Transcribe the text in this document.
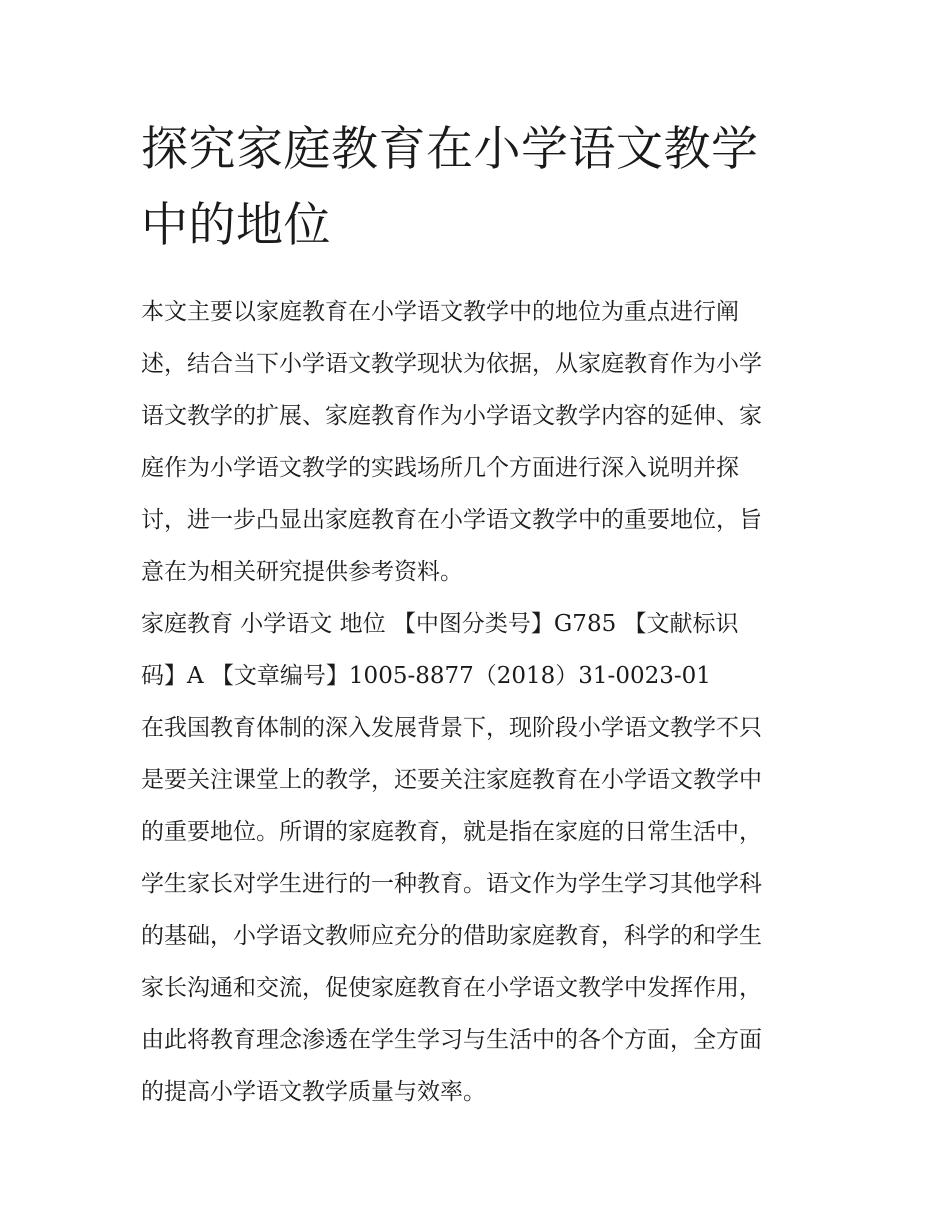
探究家庭教育在小学语文教学
中的地位

本文主要以家庭教育在小学语文教学中的地位为重点进行阐
述，结合当下小学语文教学现状为依据，从家庭教育作为小学
语文教学的扩展、家庭教育作为小学语文教学内容的延伸、家
庭作为小学语文教学的实践场所几个方面进行深入说明并探
讨，进一步凸显出家庭教育在小学语文教学中的重要地位，旨
意在为相关研究提供参考资料。

家庭教育 小学语文 地位 【中图分类号】G785 【文献标识
码】A 【文章编号】1005-8877（2018）31-0023-01

在我国教育体制的深入发展背景下，现阶段小学语文教学不只
是要关注课堂上的教学，还要关注家庭教育在小学语文教学中
的重要地位。所谓的家庭教育，就是指在家庭的日常生活中，
学生家长对学生进行的一种教育。语文作为学生学习其他学科
的基础，小学语文教师应充分的借助家庭教育，科学的和学生
家长沟通和交流，促使家庭教育在小学语文教学中发挥作用，
由此将教育理念渗透在学生学习与生活中的各个方面，全方面
的提高小学语文教学质量与效率。
